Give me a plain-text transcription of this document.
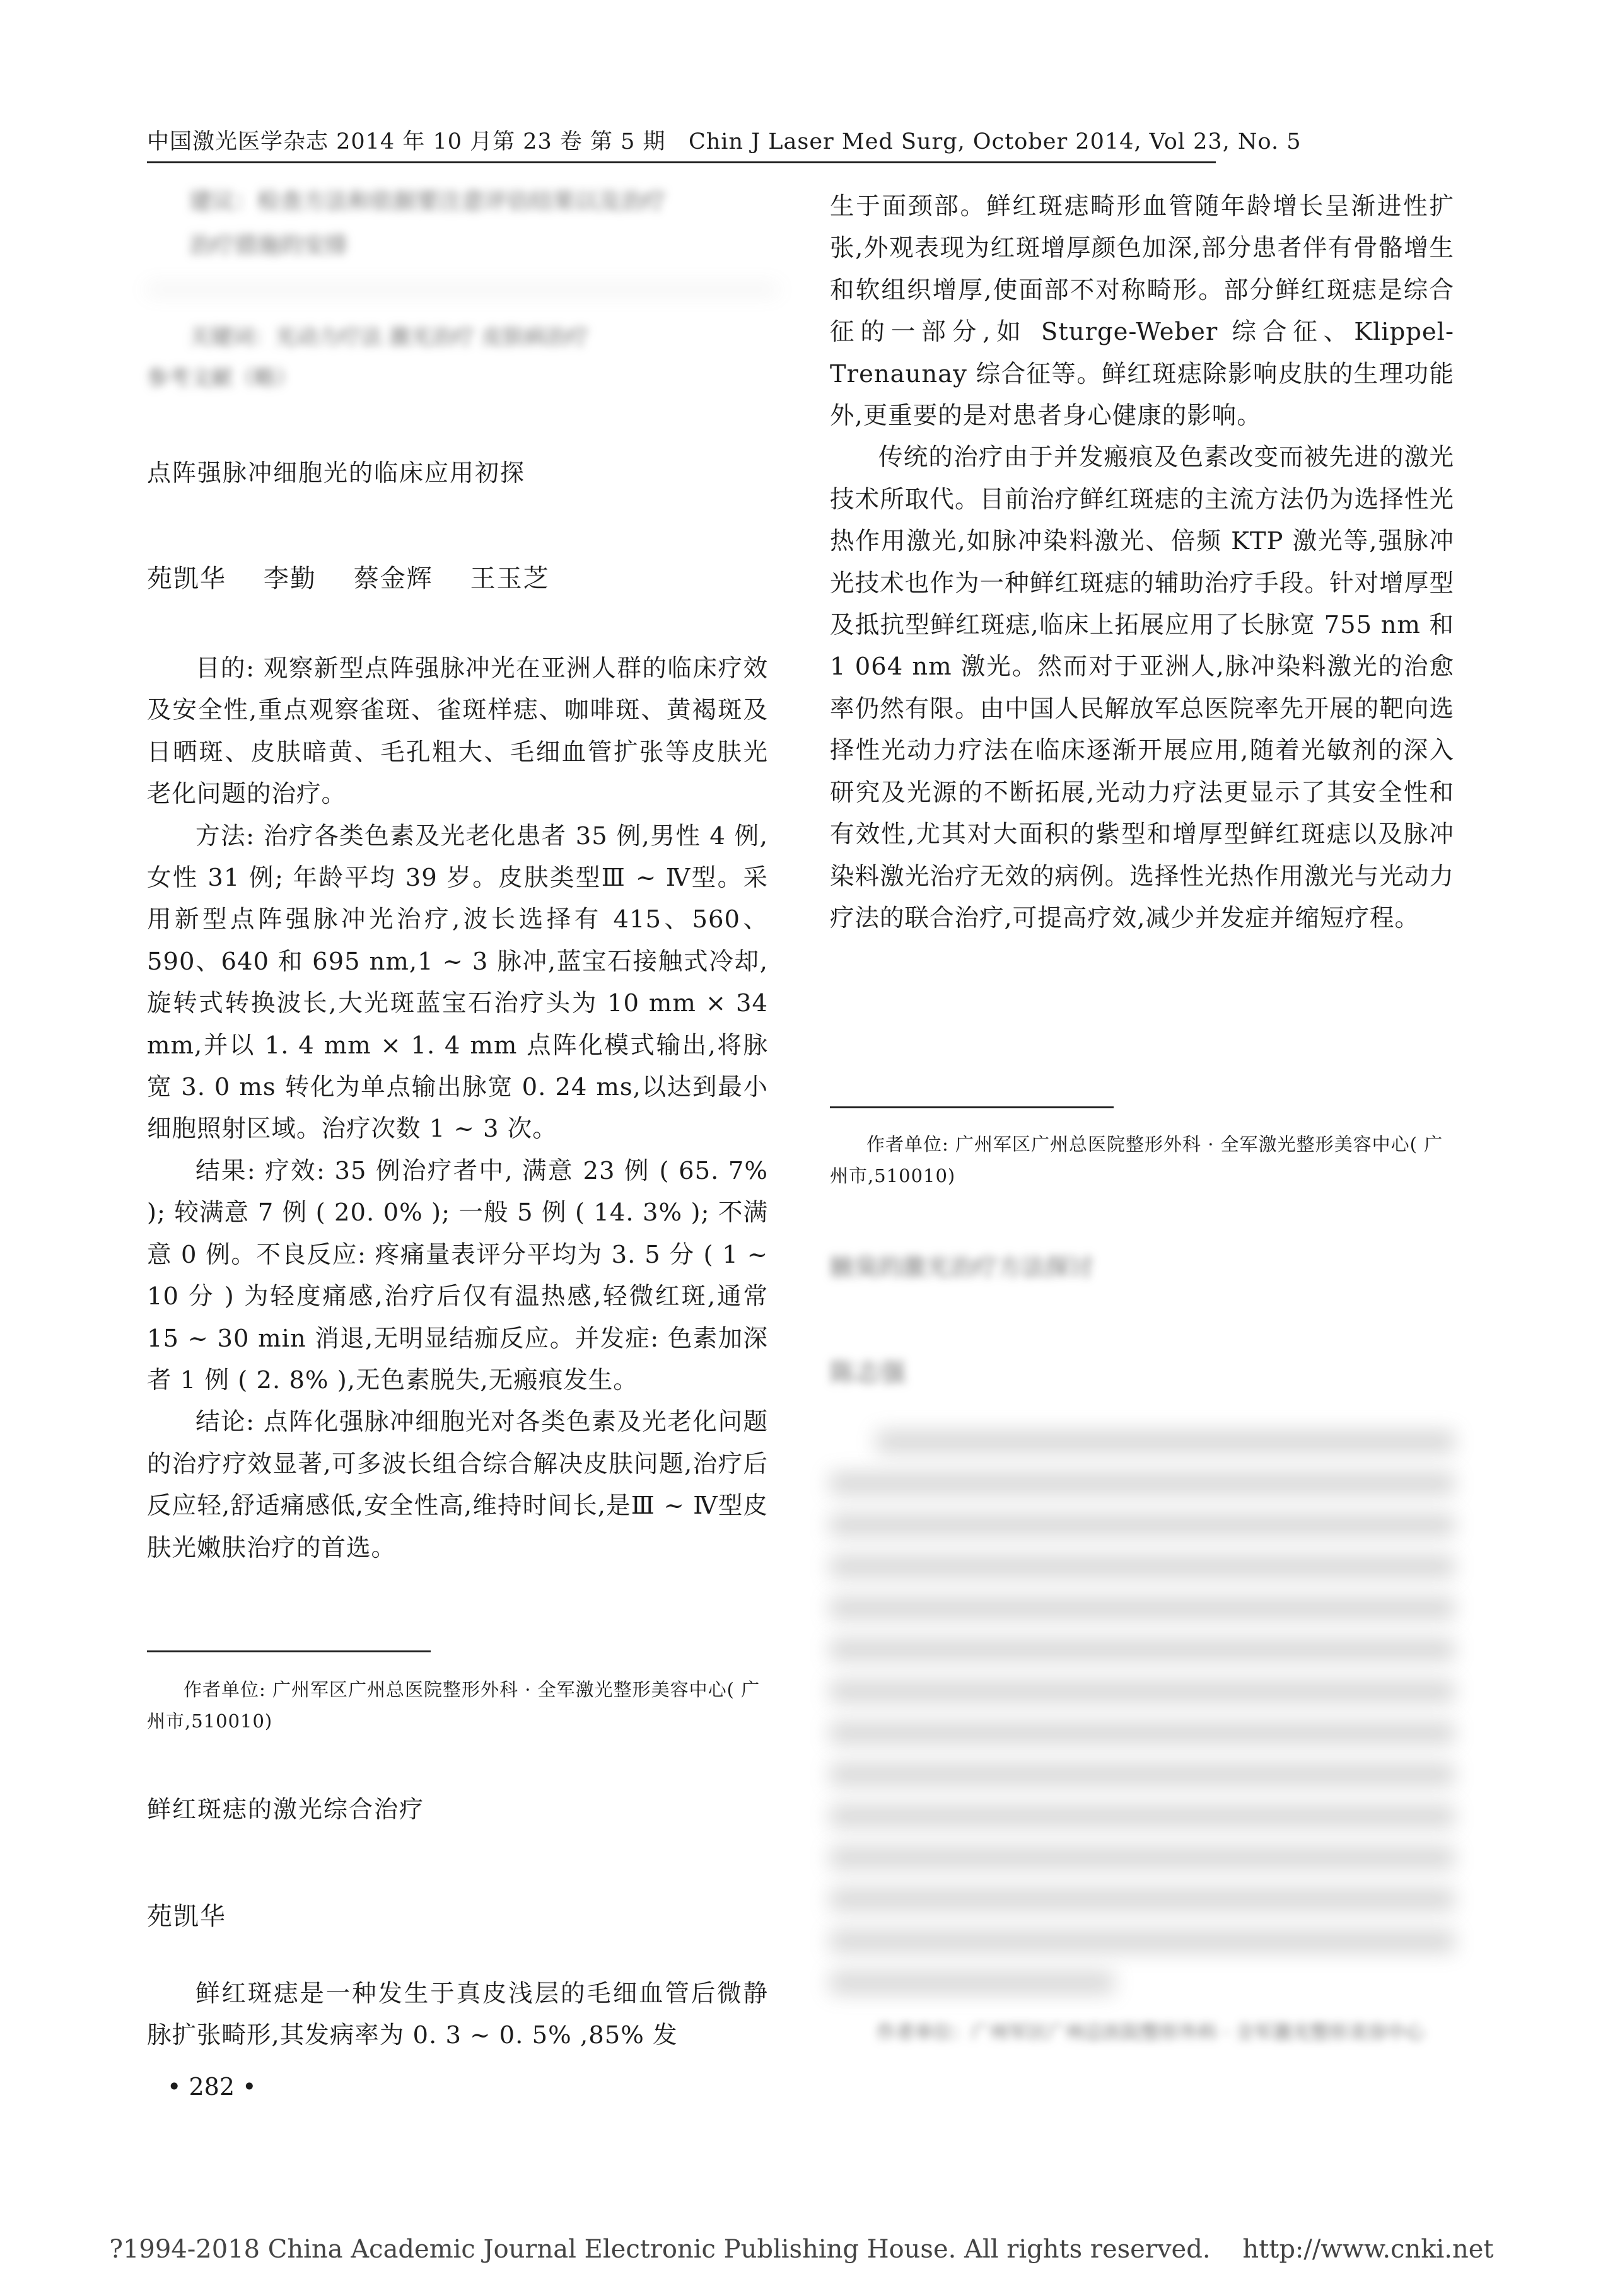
中国激光医学杂志 2014 年 10 月第 23 卷 第 5 期 Chin J Laser Med Surg, October 2014, Vol 23, No. 5
建议：检查方法和依据要注意评估结果以及治疗
治疗措施的安排
关键词：光动力疗法 激光治疗 皮肤病治疗
参考文献（略）
点阵强脉冲细胞光的临床应用初探
苑凯华 李勤 蔡金辉 王玉芝

目的: 观察新型点阵强脉冲光在亚洲人群的临床疗效及安全性,重点观察雀斑、雀斑样痣、咖啡斑、黄褐斑及日晒斑、皮肤暗黄、毛孔粗大、毛细血管扩张等皮肤光老化问题的治疗。

方法: 治疗各类色素及光老化患者 35 例,男性 4 例,女性 31 例; 年龄平均 39 岁。皮肤类型Ⅲ ~ Ⅳ型。采用新型点阵强脉冲光治疗,波长选择有 415、560、590、640 和 695 nm,1 ~ 3 脉冲,蓝宝石接触式冷却,旋转式转换波长,大光斑蓝宝石治疗头为 10 mm × 34 mm,并以 1. 4 mm × 1. 4 mm 点阵化模式输出,将脉宽 3. 0 ms 转化为单点输出脉宽 0. 24 ms,以达到最小细胞照射区域。治疗次数 1 ~ 3 次。

结果: 疗效: 35 例治疗者中, 满意 23 例 ( 65. 7% ); 较满意 7 例 ( 20. 0% ); 一般 5 例 ( 14. 3% ); 不满意 0 例。不良反应: 疼痛量表评分平均为 3. 5 分 ( 1 ~ 10 分 ) 为轻度痛感,治疗后仅有温热感,轻微红斑,通常 15 ~ 30 min 消退,无明显结痂反应。并发症: 色素加深者 1 例 ( 2. 8% ),无色素脱失,无瘢痕发生。

结论: 点阵化强脉冲细胞光对各类色素及光老化问题的治疗疗效显著,可多波长组合综合解决皮肤问题,治疗后反应轻,舒适痛感低,安全性高,维持时间长,是Ⅲ ~ Ⅳ型皮肤光嫩肤治疗的首选。

作者单位: 广州军区广州总医院整形外科 · 全军激光整形美容中心( 广州市,510010)
鲜红斑痣的激光综合治疗
苑凯华

鲜红斑痣是一种发生于真皮浅层的毛细血管后微静脉扩张畸形,其发病率为 0. 3 ~ 0. 5% ,85% 发

• 282 •

生于面颈部。鲜红斑痣畸形血管随年龄增长呈渐进性扩张,外观表现为红斑增厚颜色加深,部分患者伴有骨骼增生和软组织增厚,使面部不对称畸形。部分鲜红斑痣是综合征的一部分,如 Sturge-Weber 综合征、Klippel-Trenaunay 综合征等。鲜红斑痣除影响皮肤的生理功能外,更重要的是对患者身心健康的影响。

传统的治疗由于并发瘢痕及色素改变而被先进的激光技术所取代。目前治疗鲜红斑痣的主流方法仍为选择性光热作用激光,如脉冲染料激光、倍频 KTP 激光等,强脉冲光技术也作为一种鲜红斑痣的辅助治疗手段。针对增厚型及抵抗型鲜红斑痣,临床上拓展应用了长脉宽 755 nm 和 1 064 nm 激光。然而对于亚洲人,脉冲染料激光的治愈率仍然有限。由中国人民解放军总医院率先开展的靶向选择性光动力疗法在临床逐渐开展应用,随着光敏剂的深入研究及光源的不断拓展,光动力疗法更显示了其安全性和有效性,尤其对大面积的紫型和增厚型鲜红斑痣以及脉冲染料激光治疗无效的病例。选择性光热作用激光与光动力疗法的联合治疗,可提高疗效,减少并发症并缩短疗程。

作者单位: 广州军区广州总医院整形外科 · 全军激光整形美容中心( 广州市,510010)
腋臭的激光治疗方法探讨
陈志强
作者单位：广州军区广州总医院整形外科 · 全军激光整形美容中心
?1994-2018 China Academic Journal Electronic Publishing House. All rights reserved. http://www.cnki.net
